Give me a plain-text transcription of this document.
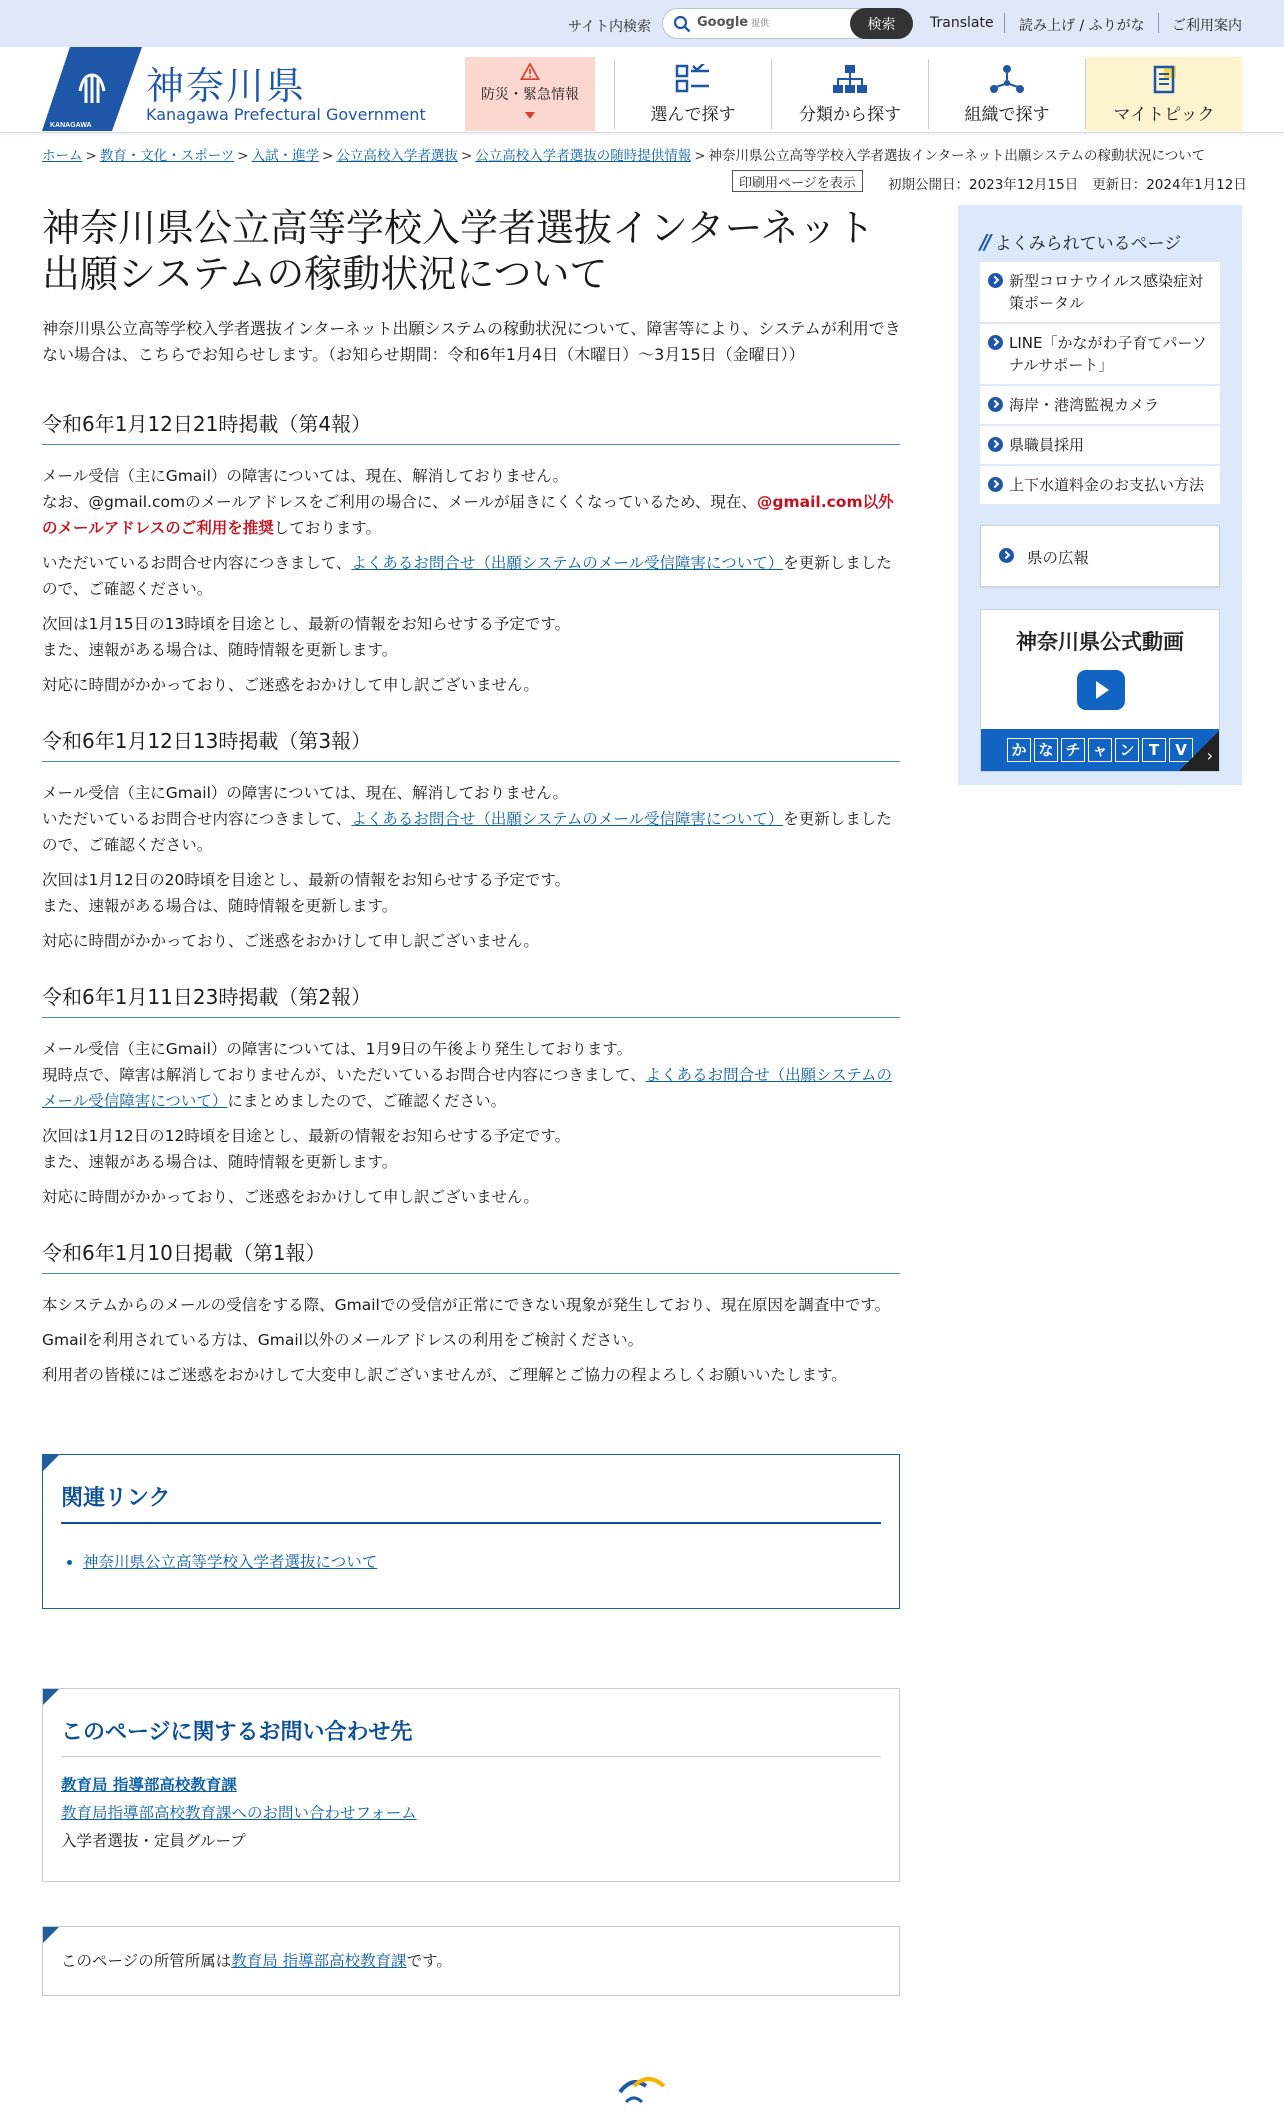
サイト内検索	Google 提供	検索	Translate 読み上げ / ふりがな ご利用案内
KANAGAWA
神奈川県
Kanagawa Prefectural Government
防災・緊急情報
選んで探す	分類から探す	組織で探す	マイトピック
ホーム > 教育・文化・スポーツ > 入試・進学 > 公立高校入学者選抜 > 公立高校入学者選抜の随時提供情報 > 神奈川県公立高等学校入学者選抜インターネット出願システムの稼動状況について
印刷用ページを表示	初期公開日：2023年12月15日 更新日：2024年1月12日
神奈川県公立高等学校入学者選抜インターネット出願システムの稼動状況について

神奈川県公立高等学校入学者選抜インターネット出願システムの稼動状況について、障害等により、システムが利用できない場合は、こちらでお知らせします。（お知らせ期間：令和6年1月4日（木曜日）～3月15日（金曜日））

令和6年1月12日21時掲載（第4報）

メール受信（主にGmail）の障害については、現在、解消しておりません。
なお、@gmail.comのメールアドレスをご利用の場合に、メールが届きにくくなっているため、現在、@gmail.com以外のメールアドレスのご利用を推奨しております。

いただいているお問合せ内容につきまして、よくあるお問合せ（出願システムのメール受信障害について）を更新しましたので、ご確認ください。

次回は1月15日の13時頃を目途とし、最新の情報をお知らせする予定です。
また、速報がある場合は、随時情報を更新します。

対応に時間がかかっており、ご迷惑をおかけして申し訳ございません。

令和6年1月12日13時掲載（第3報）

メール受信（主にGmail）の障害については、現在、解消しておりません。
いただいているお問合せ内容につきまして、よくあるお問合せ（出願システムのメール受信障害について）を更新しましたので、ご確認ください。

次回は1月12日の20時頃を目途とし、最新の情報をお知らせする予定です。
また、速報がある場合は、随時情報を更新します。

対応に時間がかかっており、ご迷惑をおかけして申し訳ございません。

令和6年1月11日23時掲載（第2報）

メール受信（主にGmail）の障害については、1月9日の午後より発生しております。
現時点で、障害は解消しておりませんが、いただいているお問合せ内容につきまして、よくあるお問合せ（出願システムのメール受信障害について）にまとめましたので、ご確認ください。

次回は1月12日の12時頃を目途とし、最新の情報をお知らせする予定です。
また、速報がある場合は、随時情報を更新します。

対応に時間がかかっており、ご迷惑をおかけして申し訳ございません。

令和6年1月10日掲載（第1報）

本システムからのメールの受信をする際、Gmailでの受信が正常にできない現象が発生しており、現在原因を調査中です。

Gmailを利用されている方は、Gmail以外のメールアドレスの利用をご検討ください。

利用者の皆様にはご迷惑をおかけして大変申し訳ございませんが、ご理解とご協力の程よろしくお願いいたします。

関連リンク
• 神奈川県公立高等学校入学者選抜について
このページに関するお問い合わせ先
教育局 指導部高校教育課
教育局指導部高校教育課へのお問い合わせフォーム
入学者選抜・定員グループ
このページの所管所属は教育局 指導部高校教育課です。
// よくみられているページ
新型コロナウイルス感染症対策ポータル
LINE「かながわ子育てパーソナルサポート」
海岸・港湾監視カメラ
県職員採用
上下水道料金のお支払い方法
県の広報
神奈川県公式動画
か な チ ャ ン T	V	›
